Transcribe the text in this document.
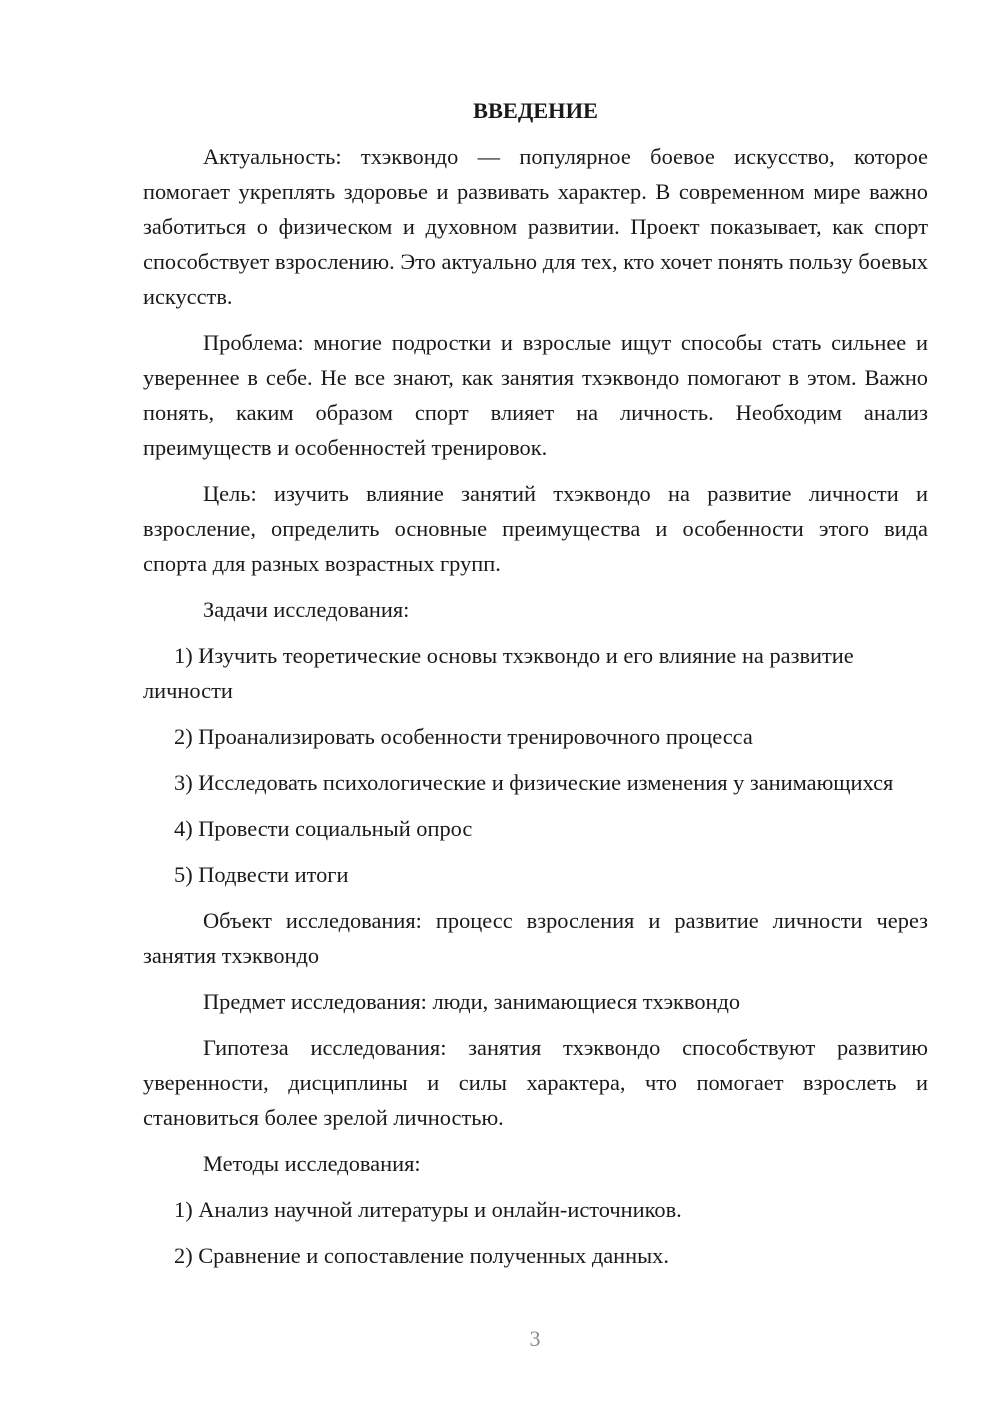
ВВЕДЕНИЕ

Актуальность: тхэквондо — популярное боевое искусство, которое помогает укреплять здоровье и развивать характер. В современном мире важно заботиться о физическом и духовном развитии. Проект показывает, как спорт способствует взрослению. Это актуально для тех, кто хочет понять пользу боевых искусств.

Проблема: многие подростки и взрослые ищут способы стать сильнее и увереннее в себе. Не все знают, как занятия тхэквондо помогают в этом. Важно понять, каким образом спорт влияет на личность. Необходим анализ преимуществ и особенностей тренировок.

Цель: изучить влияние занятий тхэквондо на развитие личности и взросление, определить основные преимущества и особенности этого вида спорта для разных возрастных групп.

Задачи исследования:

1) Изучить теоретические основы тхэквондо и его влияние на развитие личности

2) Проанализировать особенности тренировочного процесса

3) Исследовать психологические и физические изменения у занимающихся

4) Провести социальный опрос

5) Подвести итоги

Объект исследования: процесс взросления и развитие личности через занятия тхэквондо

Предмет исследования: люди, занимающиеся тхэквондо

Гипотеза исследования: занятия тхэквондо способствуют развитию уверенности, дисциплины и силы характера, что помогает взрослеть и становиться более зрелой личностью.

Методы исследования:

1) Анализ научной литературы и онлайн-источников.

2) Сравнение и сопоставление полученных данных.

3
